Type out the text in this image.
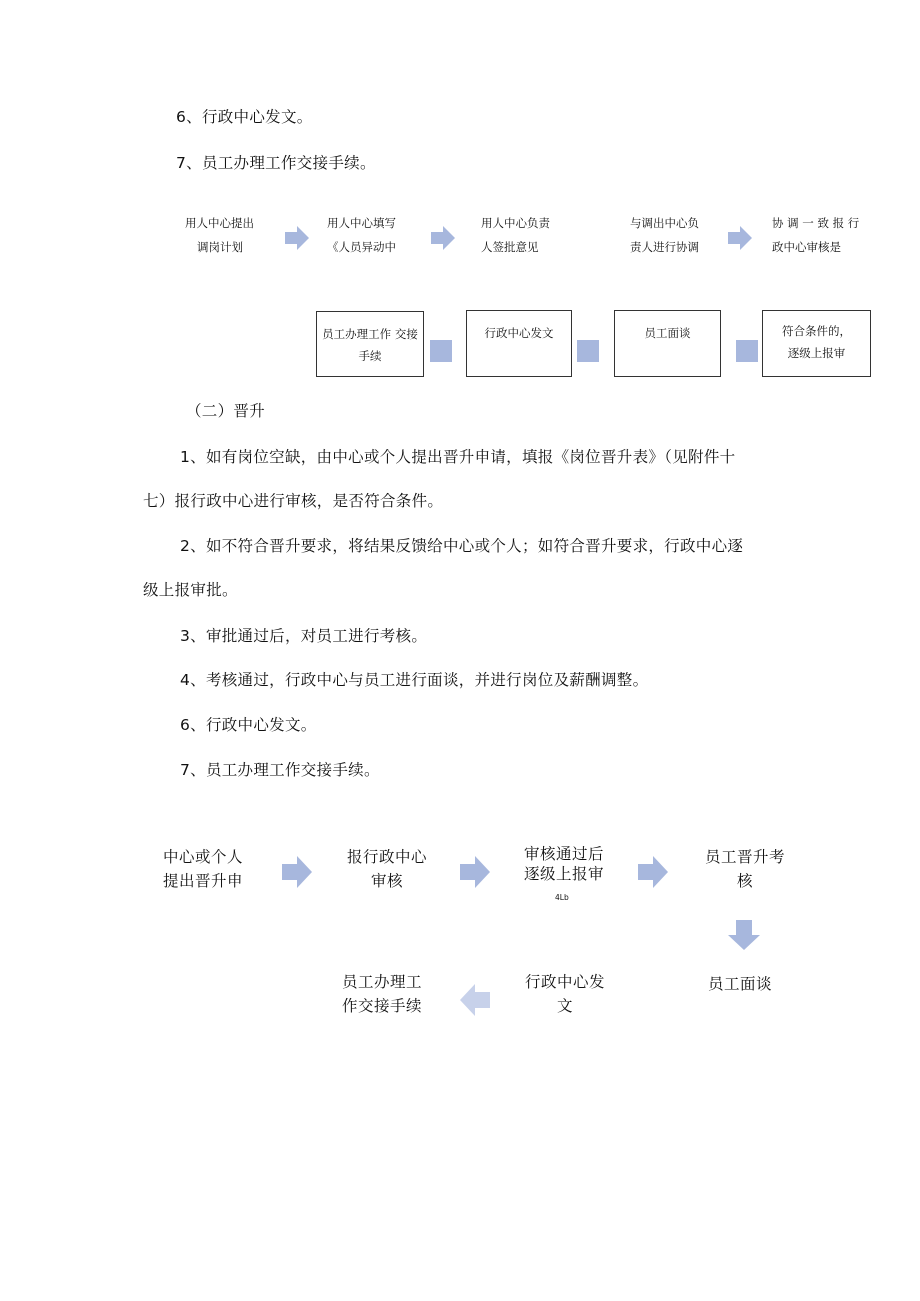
6、行政中心发文。
7、员工办理工作交接手续。
用人中心提出
调岗计划
用人中心填写
《人员异动中
用人中心负责
人签批意见
与调出中心负
责人进行协调
协 调 一 致 报 行
政中心审核是
员工办理工作 交接
手续
行政中心发文	员工面谈	符合条件的，
逐级上报审
（二）晋升
1、如有岗位空缺，由中心或个人提出晋升申请，填报《岗位晋升表》（见附件十
七）报行政中心进行审核，是否符合条件。
2、如不符合晋升要求，将结果反馈给中心或个人；如符合晋升要求，行政中心逐
级上报审批。
3、审批通过后，对员工进行考核。
4、考核通过，行政中心与员工进行面谈，并进行岗位及薪酬调整。
6、行政中心发文。
7、员工办理工作交接手续。
中心或个人
提出晋升申
报行政中心
审核
审核通过后
逐级上报审
4Lb
员工晋升考
核
员工面谈
行政中心发
文
员工办理工
作交接手续
